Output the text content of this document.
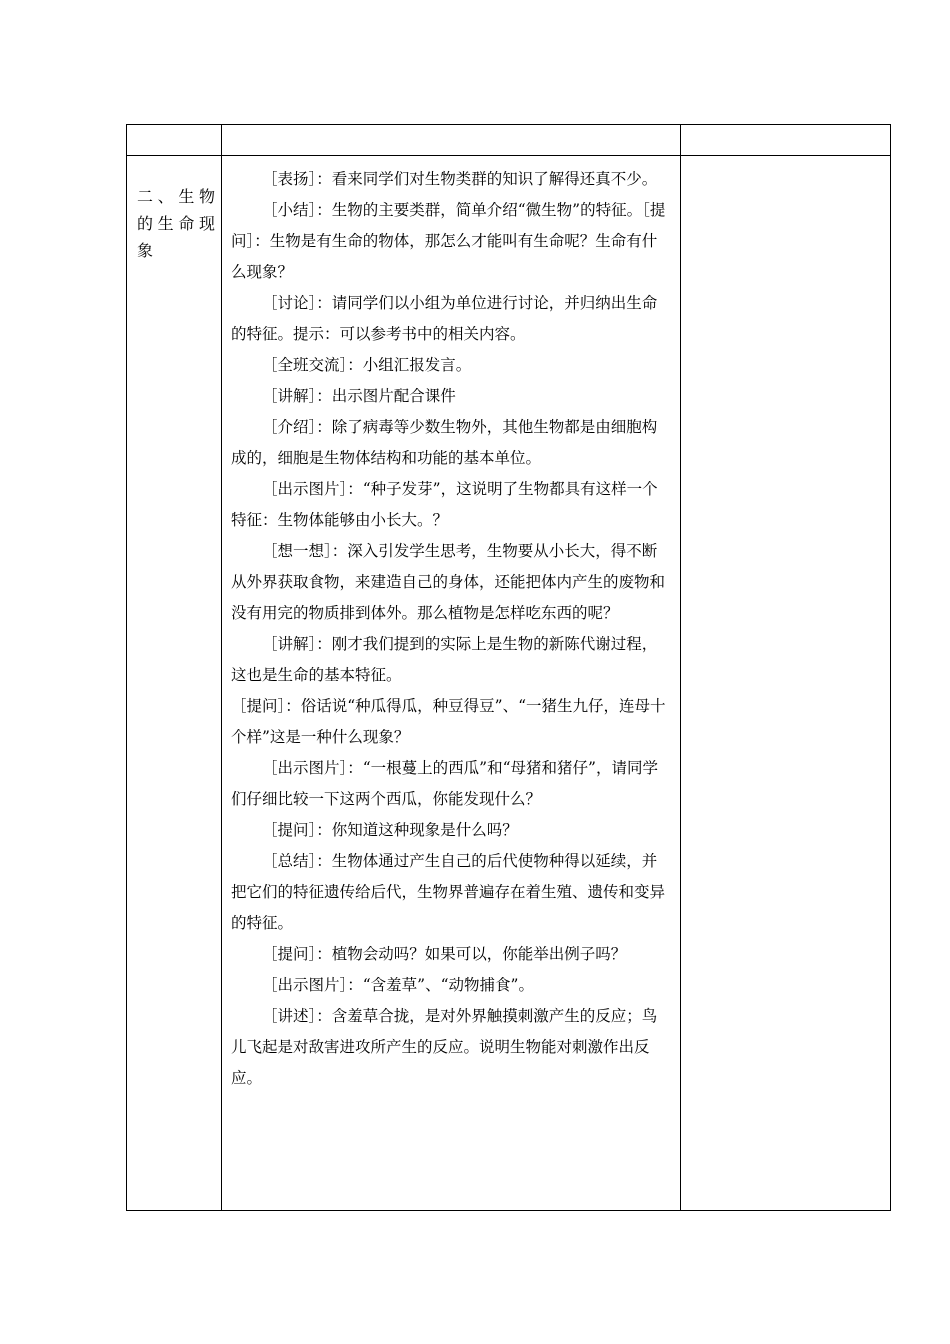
二、生物的生命现象

［表扬］：看来同学们对生物类群的知识了解得还真不少。

［小结］：生物的主要类群，简单介绍“微生物”的特征。［提问］：生物是有生命的物体，那怎么才能叫有生命呢？生命有什么现象？

［讨论］：请同学们以小组为单位进行讨论，并归纳出生命的特征。提示：可以参考书中的相关内容。

［全班交流］：小组汇报发言。

［讲解］：出示图片配合课件

［介绍］：除了病毒等少数生物外，其他生物都是由细胞构成的，细胞是生物体结构和功能的基本单位。

［出示图片］：“种子发芽”，这说明了生物都具有这样一个特征：生物体能够由小长大。？

［想一想］：深入引发学生思考，生物要从小长大，得不断从外界获取食物，来建造自己的身体，还能把体内产生的废物和没有用完的物质排到体外。那么植物是怎样吃东西的呢？

［讲解］：刚才我们提到的实际上是生物的新陈代谢过程，这也是生命的基本特征。

［提问］：俗话说“种瓜得瓜，种豆得豆”、“一猪生九仔，连母十个样”这是一种什么现象？

［出示图片］：“一根蔓上的西瓜”和“母猪和猪仔”，请同学们仔细比较一下这两个西瓜，你能发现什么？

［提问］：你知道这种现象是什么吗？

［总结］：生物体通过产生自己的后代使物种得以延续，并把它们的特征遗传给后代，生物界普遍存在着生殖、遗传和变异的特征。

［提问］：植物会动吗？如果可以，你能举出例子吗？

［出示图片］：“含羞草”、“动物捕食”。

［讲述］：含羞草合拢，是对外界触摸刺激产生的反应；鸟儿飞起是对敌害进攻所产生的反应。说明生物能对刺激作出反应。
